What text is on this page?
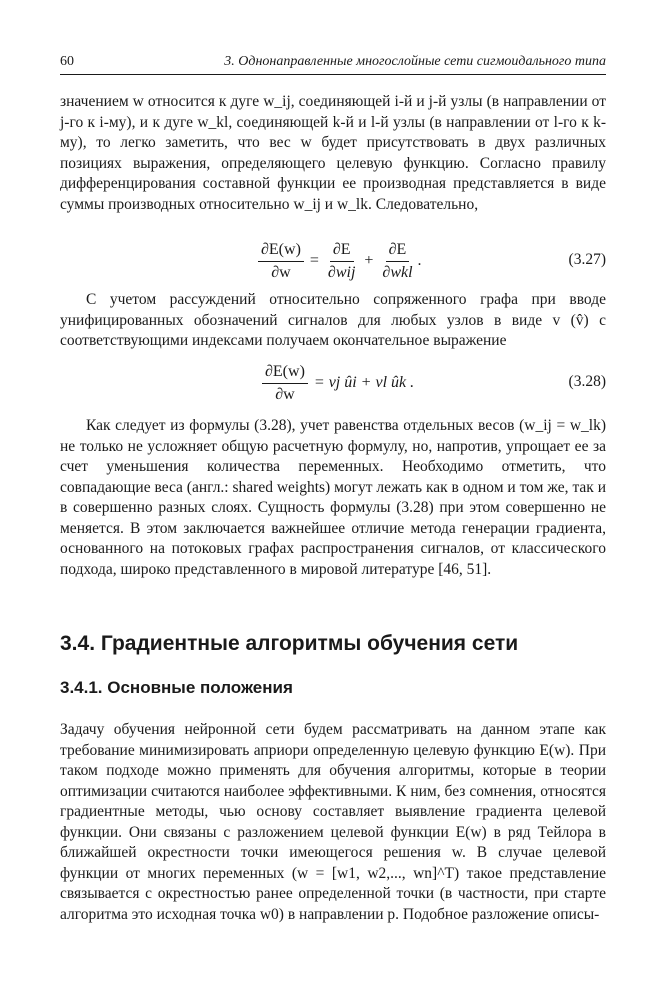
60	3. Однонаправленные многослойные сети сигмоидального типа

значением w относится к дуге w_ij, соединяющей i-й и j-й узлы (в направлении от j-го к i-му), и к дуге w_kl, соединяющей k-й и l-й узлы (в направлении от l-го к k-му), то легко заметить, что вес w будет присутствовать в двух различных позициях выражения, определяющего целевую функцию. Согласно правилу дифференцирования составной функции ее производная представляется в виде суммы производных относительно w_ij и w_lk. Следовательно,

$\frac{\partial E(w)}{\partial w} = \frac{\partial E}{\text{∂wij}} + \frac{\partial E}{\text{∂wkl}}$ .	(3.27)

С учетом рассуждений относительно сопряженного графа при вводе унифицированных обозначений сигналов для любых узлов в виде v (v̂) с соответствующими индексами получаем окончательное выражение

$\frac{\partial E(w)}{\partial w}$ = vj ûi + vl ûk .	(3.28)

Как следует из формулы (3.28), учет равенства отдельных весов (w_ij = w_lk) не только не усложняет общую расчетную формулу, но, напротив, упрощает ее за счет уменьшения количества переменных. Необходимо отметить, что совпадающие веса (англ.: shared weights) могут лежать как в одном и том же, так и в совершенно разных слоях. Сущность формулы (3.28) при этом совершенно не меняется. В этом заключается важнейшее отличие метода генерации градиента, основанного на потоковых графах распространения сигналов, от классического подхода, широко представленного в мировой литературе [46, 51].

3.4. Градиентные алгоритмы обучения сети
3.4.1. Основные положения

Задачу обучения нейронной сети будем рассматривать на данном этапе как требование минимизировать априори определенную целевую функцию E(w). При таком подходе можно применять для обучения алгоритмы, которые в теории оптимизации считаются наиболее эффективными. К ним, без сомнения, относятся градиентные методы, чью основу составляет выявление градиента целевой функции. Они связаны с разложением целевой функции E(w) в ряд Тейлора в ближайшей окрестности точки имеющегося решения w. В случае целевой функции от многих переменных (w = [w1, w2,..., wn]^T) такое представление связывается с окрестностью ранее определенной точки (в частности, при старте алгоритма это исходная точка w0) в направлении p. Подобное разложение описы-
